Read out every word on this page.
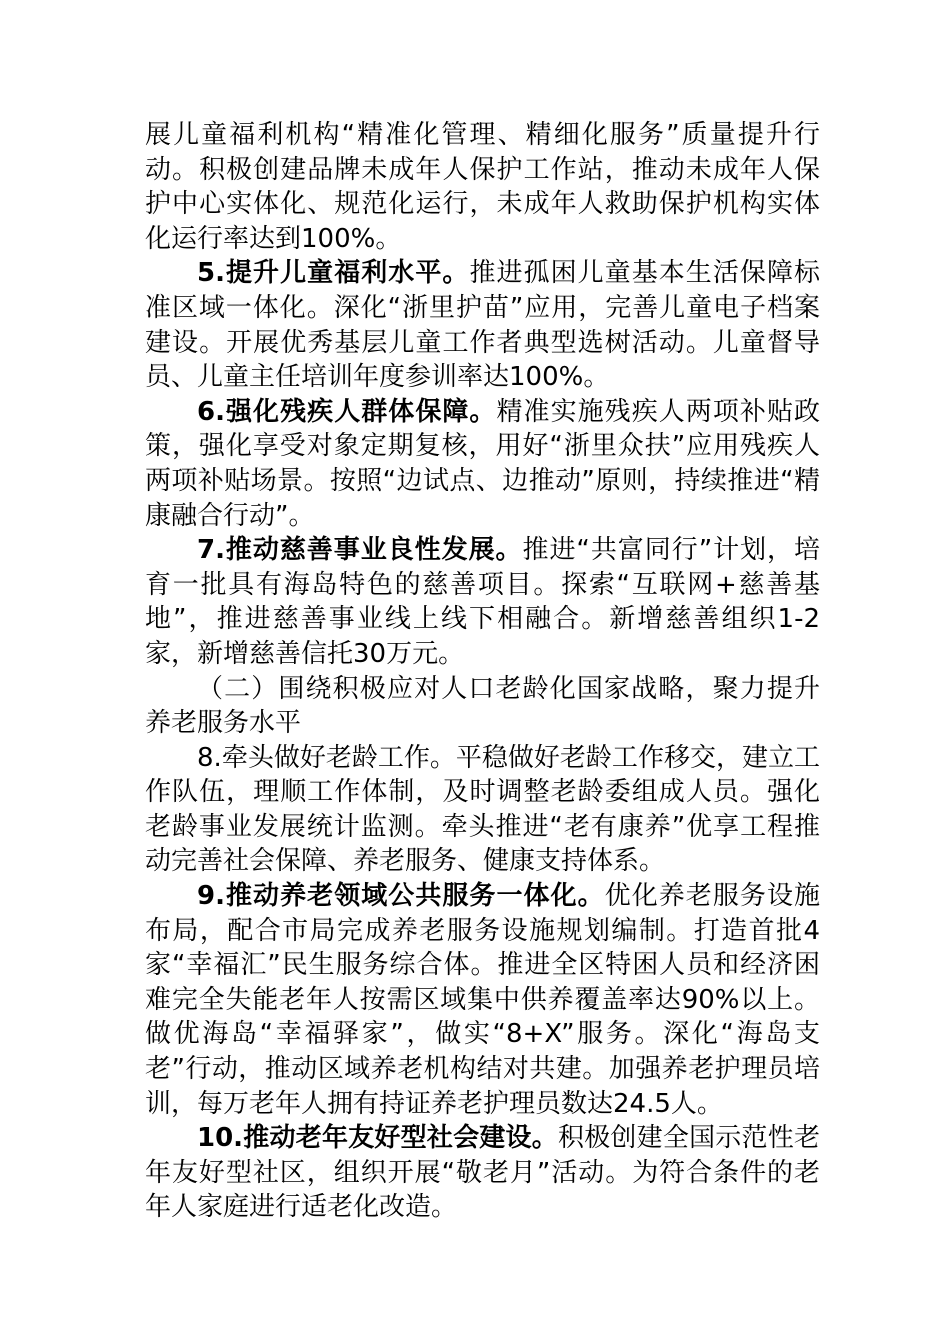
展儿童福利机构“精准化管理、精细化服务”质量提升行动。积极创建品牌未成年人保护工作站，推动未成年人保护中心实体化、规范化运行，未成年人救助保护机构实体化运行率达到100%。

5.提升儿童福利水平。推进孤困儿童基本生活保障标准区域一体化。深化“浙里护苗”应用，完善儿童电子档案建设。开展优秀基层儿童工作者典型选树活动。儿童督导员、儿童主任培训年度参训率达100%。

6.强化残疾人群体保障。精准实施残疾人两项补贴政策，强化享受对象定期复核，用好“浙里众扶”应用残疾人两项补贴场景。按照“边试点、边推动”原则，持续推进“精康融合行动”。

7.推动慈善事业良性发展。推进“共富同行”计划，培育一批具有海岛特色的慈善项目。探索“互联网+慈善基地”，推进慈善事业线上线下相融合。新增慈善组织1-2家，新增慈善信托30万元。

（二）围绕积极应对人口老龄化国家战略，聚力提升养老服务水平

8.牵头做好老龄工作。平稳做好老龄工作移交，建立工作队伍，理顺工作体制，及时调整老龄委组成人员。强化老龄事业发展统计监测。牵头推进“老有康养”优享工程推动完善社会保障、养老服务、健康支持体系。

9.推动养老领域公共服务一体化。优化养老服务设施布局，配合市局完成养老服务设施规划编制。打造首批4家“幸福汇”民生服务综合体。推进全区特困人员和经济困难完全失能老年人按需区域集中供养覆盖率达90%以上。做优海岛“幸福驿家”，做实“8+X”服务。深化“海岛支老”行动，推动区域养老机构结对共建。加强养老护理员培训，每万老年人拥有持证养老护理员数达24.5人。

10.推动老年友好型社会建设。积极创建全国示范性老年友好型社区，组织开展“敬老月”活动。为符合条件的老年人家庭进行适老化改造。
